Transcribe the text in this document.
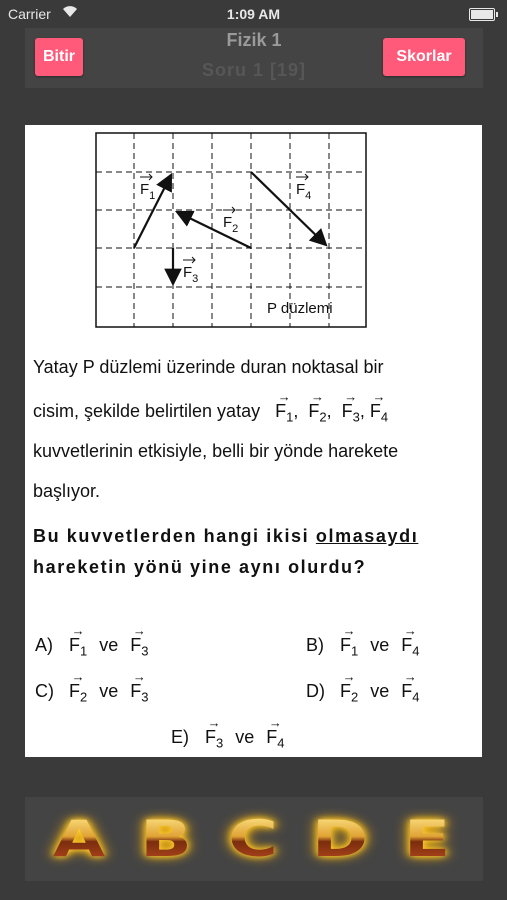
Carrier	1:09 AM
Fizik 1
Soru 1 [19]
Bitir	Skorlar
$F_1$
$F_2$
$F_3$
$F_4$
P düzlemi
Yatay P düzlemi üzerinde duran noktasal bir
cisim, şekilde belirtilen yatay
→
$F_1$,
→
$F_2$,
→
$F_3$,
→
$F_4$
kuvvetlerinin etkisiyle, belli bir yönde harekete
başlıyor.
Bu kuvvetlerden hangi ikisi olmasaydı
hareketin yönü yine aynı olurdu?
A)
→
$F_1$ ve
→
$F_3$	B)
→
$F_1$ ve
→
$F_4$
C)
→
$F_2$ ve
→
$F_3$	D)
→
$F_2$ ve
→
$F_4$
E)
→
$F_3$ ve
→
$F_4$
A B C D E
